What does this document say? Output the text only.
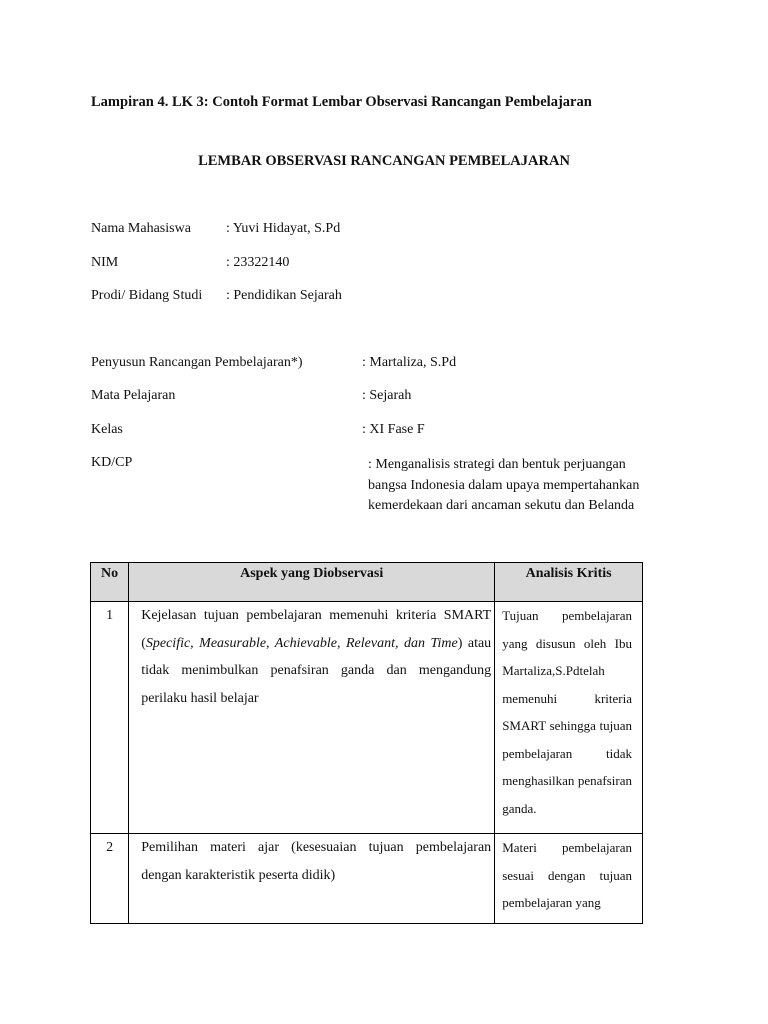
Lampiran 4. LK 3: Contoh Format Lembar Observasi Rancangan Pembelajaran
LEMBAR OBSERVASI RANCANGAN PEMBELAJARAN
Nama Mahasiswa	: Yuvi Hidayat, S.Pd
NIM	: 23322140
Prodi/ Bidang Studi : Pendidikan Sejarah
Penyusun Rancangan Pembelajaran*)	: Martaliza, S.Pd
Mata Pelajaran	: Sejarah
Kelas	: XI Fase F
KD/CP	: Menganalisis strategi dan bentuk perjuangan bangsa Indonesia dalam upaya mempertahankan kemerdekaan dari ancaman sekutu dan Belanda
No	Aspek yang Diobservasi	Analisis Kritis

1	Kejelasan tujuan pembelajaran memenuhi kriteria SMART (Specific, Measurable, Achievable, Relevant, dan Time) atau tidak menimbulkan penafsiran ganda dan mengandung perilaku hasil belajar	Tujuan pembelajaran yang disusun oleh Ibu Martaliza,S.Pdtelah memenuhi kriteria SMART sehingga tujuan pembelajaran tidak menghasilkan penafsiran ganda.
2	Pemilihan materi ajar (kesesuaian tujuan pembelajaran dengan karakteristik peserta didik)	Materi pembelajaran sesuai dengan tujuan pembelajaran yang
